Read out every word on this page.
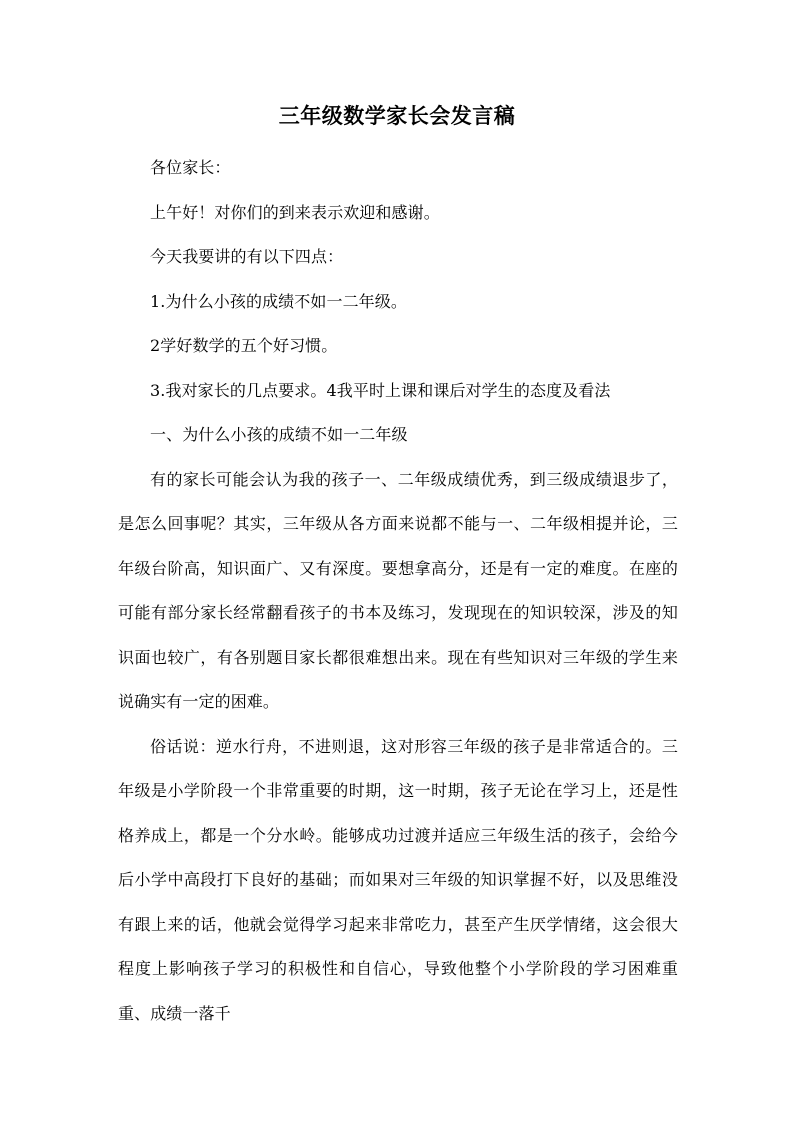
三年级数学家长会发言稿

各位家长：

上午好！对你们的到来表示欢迎和感谢。

今天我要讲的有以下四点：

1.为什么小孩的成绩不如一二年级。

2学好数学的五个好习惯。

3.我对家长的几点要求。4我平时上课和课后对学生的态度及看法

一、为什么小孩的成绩不如一二年级

有的家长可能会认为我的孩子一、二年级成绩优秀，到三级成绩退步了，是怎么回事呢？其实，三年级从各方面来说都不能与一、二年级相提并论，三年级台阶高，知识面广、又有深度。要想拿高分，还是有一定的难度。在座的可能有部分家长经常翻看孩子的书本及练习，发现现在的知识较深，涉及的知识面也较广，有各别题目家长都很难想出来。现在有些知识对三年级的学生来说确实有一定的困难。

俗话说：逆水行舟，不进则退，这对形容三年级的孩子是非常适合的。三年级是小学阶段一个非常重要的时期，这一时期，孩子无论在学习上，还是性格养成上，都是一个分水岭。能够成功过渡并适应三年级生活的孩子，会给今后小学中高段打下良好的基础；而如果对三年级的知识掌握不好，以及思维没有跟上来的话，他就会觉得学习起来非常吃力，甚至产生厌学情绪，这会很大程度上影响孩子学习的积极性和自信心，导致他整个小学阶段的学习困难重重、成绩一落千
